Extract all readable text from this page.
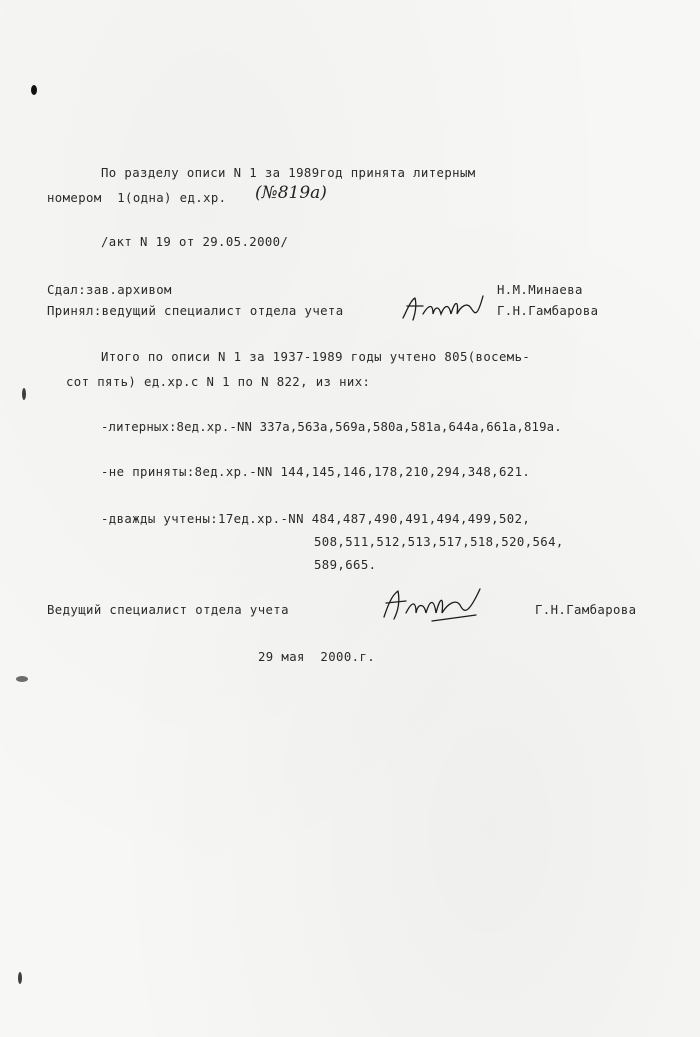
По разделу описи N 1 за 1989год принята литерным

номером  1(одна) ед.хр. (№819а)

/акт N 19 от 29.05.2000/

Сдал:зав.архивом	Н.М.Минаева

Принял:ведущий специалист отдела учета	Г.Н.Гамбарова

Итого по описи N 1 за 1937-1989 годы учтено 805(восемь-

сот пять) ед.хр.с N 1 по N 822, из них:

-литерных:8ед.хр.-NN 337а,563а,569а,580а,581а,644а,661а,819а.

-не приняты:8ед.хр.-NN 144,145,146,178,210,294,348,621.

-дважды учтены:17ед.хр.-NN 484,487,490,491,494,499,502,

508,511,512,513,517,518,520,564,

589,665.

Ведущий специалист отдела учета	Г.Н.Гамбарова

29 мая  2000.г.
